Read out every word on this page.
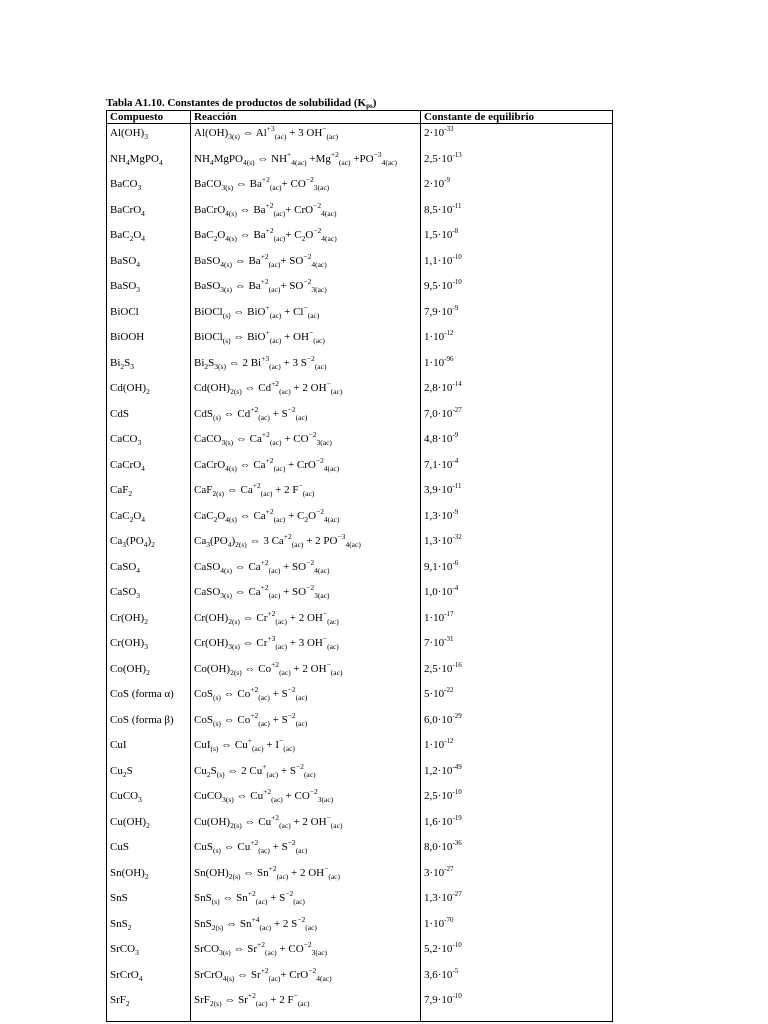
Tabla A1.10. Constantes de productos de solubilidad $(K_{ps})$
Compuesto	Reacción	Constante de equilibrio
$Al(OH)_3$	$Al(OH)_{3(s)}$ ⇔ $Al^{+3}_{(ac)} + 3$ $OH^-_{(ac)}$	$2\cdot 10^{-33}$
$NH_4MgPO_4$	$NH_4MgPO_{4(s)}$ ⇔ $NH^+_{4(ac)} +Mg^{+2}_{(ac)} +PO^{-3}_{4(ac)}$	$2,5\cdot 10^{-13}$
BaCO$_3$	BaCO$_{3(s)}$ ⇔ $Ba^{+2}_{(ac)}+ CO^{-2}_{3(ac)}$	$2\cdot 10^{-9}$
BaCrO$_4$	BaCrO$_{4(s)}$ ⇔ $Ba^{+2}_{(ac)}+ CrO^{-2}_{4(ac)}$	$8,5\cdot 10^{-11}$
$BaC_2O_4$	$BaC_2O_{4(s)}$ ⇔ $Ba^{+2}_{(ac)}+ C_2O^{-2}_{4(ac)}$	$1,5\cdot 10^{-8}$
BaSO$_4$	BaSO$_{4(s)}$ ⇔ $Ba^{+2}_{(ac)}+ SO^{-2}_{4(ac)}$	$1,1\cdot 10^{-10}$
BaSO$_3$	BaSO$_{3(s)}$ ⇔ $Ba^{+2}_{(ac)}+ SO^{-2}_{3(ac)}$	$9,5\cdot 10^{-10}$
BiOCl	BiOCl$_{(s)}$ ⇔ $BiO^+_{(ac)} + Cl^-_{(ac)}$	$7,9\cdot 10^{-9}$
BiOOH	BiOCl$_{(s)}$ ⇔ $BiO^+_{(ac)} + OH^-_{(ac)}$	$1\cdot 10^{-12}$
$Bi_2S_3$	$Bi_2S_{3(s)}$ ⇔ 2 $Bi^{+3}_{(ac)} + 3$ $S^{-2}_{(ac)}$	$1\cdot 10^{-96}$
$Cd(OH)_2$	$Cd(OH)_{2(s)}$ ⇔ $Cd^{+2}_{(ac)} + 2$ $OH^-_{(ac)}$	$2,8\cdot 10^{-14}$
CdS	CdS$_{(s)}$ ⇔ $Cd^{+2}_{(ac)} + S^{-2}_{(ac)}$	$7,0\cdot 10^{-27}$
CaCO$_3$	CaCO$_{3(s)}$ ⇔ $Ca^{+2}_{(ac)} + CO^{-2}_{3(ac)}$	$4,8\cdot 10^{-9}$
CaCrO$_4$	CaCrO$_{4(s)}$ ⇔ $Ca^{+2}_{(ac)} + CrO^{-2}_{4(ac)}$	$7,1\cdot 10^{-4}$
CaF$_2$	CaF$_{2(s)}$ ⇔ $Ca^{+2}_{(ac)} + 2$ $F^-_{(ac)}$	$3,9\cdot 10^{-11}$
$CaC_2O_4$	$CaC_2O_{4(s)}$ ⇔ $Ca^{+2}_{(ac)} + C_2O^{-2}_{4(ac)}$	$1,3\cdot 10^{-9}$
$Ca_3(PO_4)_2$	$Ca_3(PO_4)_{2(s)}$ ⇔ 3 $Ca^{+2}_{(ac)} + 2$ $PO^{-3}_{4(ac)}$	$1,3\cdot 10^{-32}$
CaSO$_4$	CaSO$_{4(s)}$ ⇔ $Ca^{+2}_{(ac)} + SO^{-2}_{4(ac)}$	$9,1\cdot 10^{-6}$
CaSO$_3$	CaSO$_{3(s)}$ ⇔ $Ca^{+2}_{(ac)} + SO^{-2}_{3(ac)}$	$1,0\cdot 10^{-4}$
$Cr(OH)_2$	$Cr(OH)_{2(s)}$ ⇔ $Cr^{+2}_{(ac)} + 2$ $OH^-_{(ac)}$	$1\cdot 10^{-17}$
$Cr(OH)_3$	$Cr(OH)_{3(s)}$ ⇔ $Cr^{+3}_{(ac)} + 3$ $OH^-_{(ac)}$	$7\cdot 10^{-31}$
$Co(OH)_2$	$Co(OH)_{2(s)}$ ⇔ $Co^{+2}_{(ac)} + 2$ $OH^-_{(ac)}$	$2,5\cdot 10^{-16}$
CoS (forma α)	CoS$_{(s)}$ ⇔ $Co^{+2}_{(ac)} + S^{-2}_{(ac)}$	$5\cdot 10^{-22}$
CoS (forma β)	CoS$_{(s)}$ ⇔ $Co^{+2}_{(ac)} + S^{-2}_{(ac)}$	$6,0\cdot 10^{-29}$
CuI	CuI$_{(s)}$ ⇔ $Cu^+_{(ac)} + I^-_{(ac)}$	$1\cdot 10^{-12}$
$Cu_2S$	$Cu_2S_{(s)}$ ⇔ 2 $Cu^+_{(ac)} + S^{-2}_{(ac)}$	$1,2\cdot 10^{-49}$
CuCO$_3$	CuCO$_{3(s)}$ ⇔ $Cu^{+2}_{(ac)} + CO^{-2}_{3(ac)}$	$2,5\cdot 10^{-10}$
$Cu(OH)_2$	$Cu(OH)_{2(s)}$ ⇔ $Cu^{+2}_{(ac)} + 2$ $OH^-_{(ac)}$	$1,6\cdot 10^{-19}$
CuS	CuS$_{(s)}$ ⇔ $Cu^{+2}_{(ac)} + S^{-2}_{(ac)}$	$8,0\cdot 10^{-36}$
$Sn(OH)_2$	$Sn(OH)_{2(s)}$ ⇔ $Sn^{+2}_{(ac)} + 2$ $OH^-_{(ac)}$	$3\cdot 10^{-27}$
SnS	SnS$_{(s)}$ ⇔ $Sn^{+2}_{(ac)} + S^{-2}_{(ac)}$	$1,3\cdot 10^{-27}$
SnS$_2$	SnS$_{2(s)}$ ⇔ $Sn^{+4}_{(ac)} + 2$ $S^{-2}_{(ac)}$	$1\cdot 10^{-70}$
SrCO$_3$	SrCO$_{3(s)}$ ⇔ $Sr^{+2}_{(ac)} + CO^{-2}_{3(ac)}$	$5,2\cdot 10^{-10}$
SrCrO$_4$	SrCrO$_{4(s)}$ ⇔ $Sr^{+2}_{(ac)}+ CrO^{-2}_{4(ac)}$	$3,6\cdot 10^{-5}$
SrF$_2$	SrF$_{2(s)}$ ⇔ $Sr^{+2}_{(ac)} + 2$ $F^-_{(ac)}$	$7,9\cdot 10^{-10}$
